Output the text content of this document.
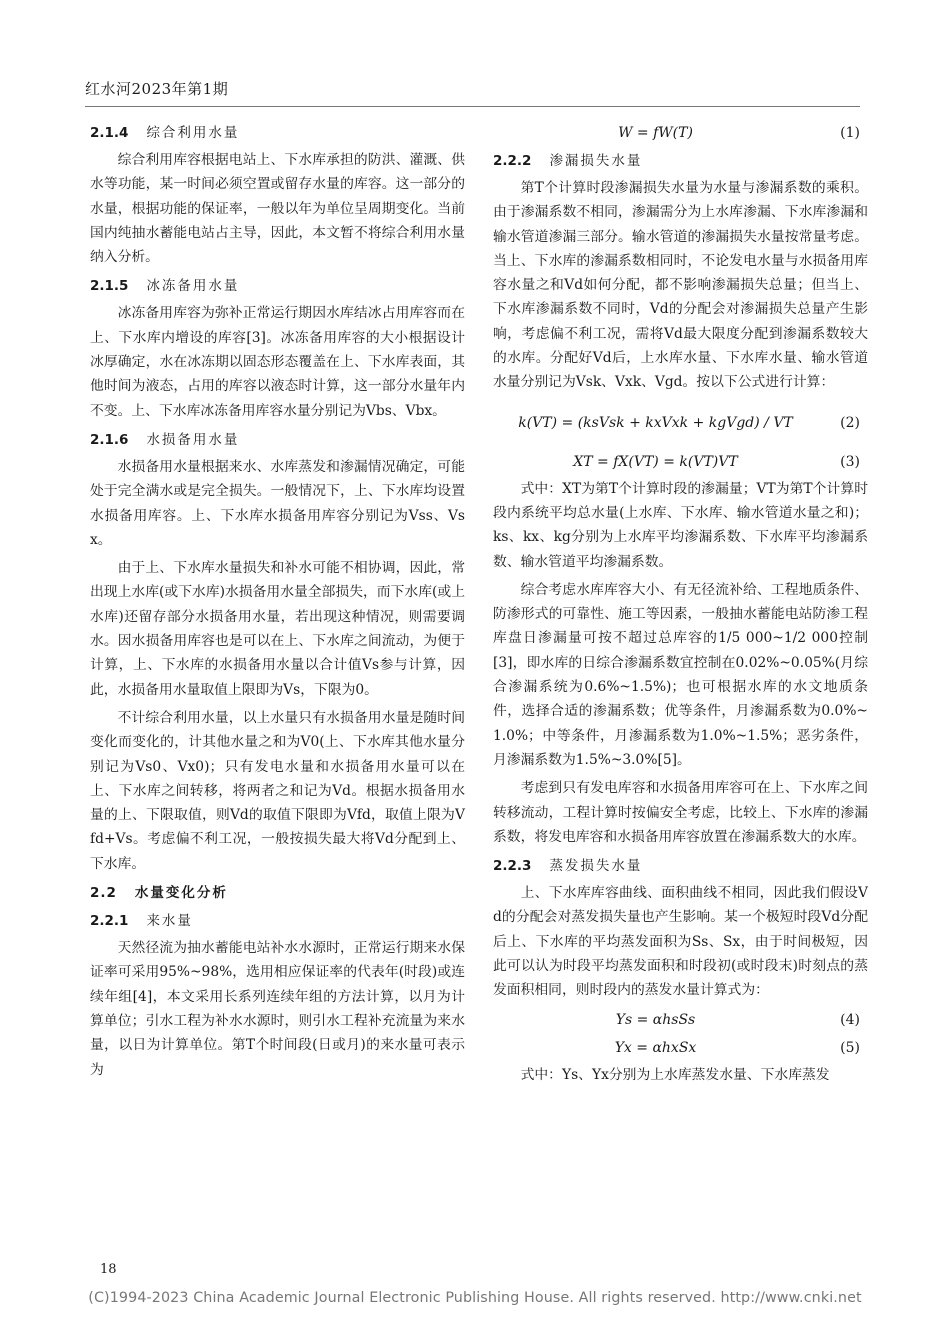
红水河2023年第1期
2.1.4 综合利用水量

综合利用库容根据电站上、下水库承担的防洪、灌溉、供水等功能，某一时间必须空置或留存水量的库容。这一部分的水量，根据功能的保证率，一般以年为单位呈周期变化。当前国内纯抽水蓄能电站占主导，因此，本文暂不将综合利用水量纳入分析。

2.1.5 冰冻备用水量

冰冻备用库容为弥补正常运行期因水库结冰占用库容而在上、下水库内增设的库容[3]。冰冻备用库容的大小根据设计冰厚确定，水在冰冻期以固态形态覆盖在上、下水库表面，其他时间为液态，占用的库容以液态时计算，这一部分水量年内不变。上、下水库冰冻备用库容水量分别记为Vbs、Vbx。

2.1.6 水损备用水量

水损备用水量根据来水、水库蒸发和渗漏情况确定，可能处于完全满水或是完全损失。一般情况下，上、下水库均设置水损备用库容。上、下水库水损备用库容分别记为Vss、Vsx。

由于上、下水库水量损失和补水可能不相协调，因此，常出现上水库(或下水库)水损备用水量全部损失，而下水库(或上水库)还留存部分水损备用水量，若出现这种情况，则需要调水。因水损备用库容也是可以在上、下水库之间流动，为便于计算，上、下水库的水损备用水量以合计值Vs参与计算，因此，水损备用水量取值上限即为Vs，下限为0。

不计综合利用水量，以上水量只有水损备用水量是随时间变化而变化的，计其他水量之和为V0(上、下水库其他水量分别记为Vs0、Vx0)；只有发电水量和水损备用水量可以在上、下水库之间转移，将两者之和记为Vd。根据水损备用水量的上、下限取值，则Vd的取值下限即为Vfd，取值上限为Vfd+Vs。考虑偏不利工况，一般按损失最大将Vd分配到上、下水库。

2.2 水量变化分析
2.2.1 来水量

天然径流为抽水蓄能电站补水水源时，正常运行期来水保证率可采用95%~98%，选用相应保证率的代表年(时段)或连续年组[4]，本文采用长系列连续年组的方法计算，以月为计算单位；引水工程为补水水源时，则引水工程补充流量为来水量，以日为计算单位。第T个时间段(日或月)的来水量可表示为

W = fW(T)	(1)
2.2.2 渗漏损失水量

第T个计算时段渗漏损失水量为水量与渗漏系数的乘积。由于渗漏系数不相同，渗漏需分为上水库渗漏、下水库渗漏和输水管道渗漏三部分。输水管道的渗漏损失水量按常量考虑。当上、下水库的渗漏系数相同时，不论发电水量与水损备用库容水量之和Vd如何分配，都不影响渗漏损失总量；但当上、下水库渗漏系数不同时，Vd的分配会对渗漏损失总量产生影响，考虑偏不利工况，需将Vd最大限度分配到渗漏系数较大的水库。分配好Vd后，上水库水量、下水库水量、输水管道水量分别记为Vsk、Vxk、Vgd。按以下公式进行计算：

k(VT) = (ksVsk + kxVxk + kgVgd) / VT	(2)
XT = fX(VT) = k(VT)VT	(3)

式中：XT为第T个计算时段的渗漏量；VT为第T个计算时段内系统平均总水量(上水库、下水库、输水管道水量之和)；ks、kx、kg分别为上水库平均渗漏系数、下水库平均渗漏系数、输水管道平均渗漏系数。

综合考虑水库库容大小、有无径流补给、工程地质条件、防渗形式的可靠性、施工等因素，一般抽水蓄能电站防渗工程库盘日渗漏量可按不超过总库容的1/5 000~1/2 000控制[3]，即水库的日综合渗漏系数宜控制在0.02%~0.05%(月综合渗漏系统为0.6%~1.5%)；也可根据水库的水文地质条件，选择合适的渗漏系数；优等条件，月渗漏系数为0.0%~1.0%；中等条件，月渗漏系数为1.0%~1.5%；恶劣条件，月渗漏系数为1.5%~3.0%[5]。

考虑到只有发电库容和水损备用库容可在上、下水库之间转移流动，工程计算时按偏安全考虑，比较上、下水库的渗漏系数，将发电库容和水损备用库容放置在渗漏系数大的水库。

2.2.3 蒸发损失水量

上、下水库库容曲线、面积曲线不相同，因此我们假设Vd的分配会对蒸发损失量也产生影响。某一个极短时段Vd分配后上、下水库的平均蒸发面积为Ss、Sx，由于时间极短，因此可以认为时段平均蒸发面积和时段初(或时段末)时刻点的蒸发面积相同，则时段内的蒸发水量计算式为：

Ys = αhsSs	(4)
Yx = αhxSx	(5)

式中：Ys、Yx分别为上水库蒸发水量、下水库蒸发

18
(C)1994-2023 China Academic Journal Electronic Publishing House. All rights reserved. http://www.cnki.net
